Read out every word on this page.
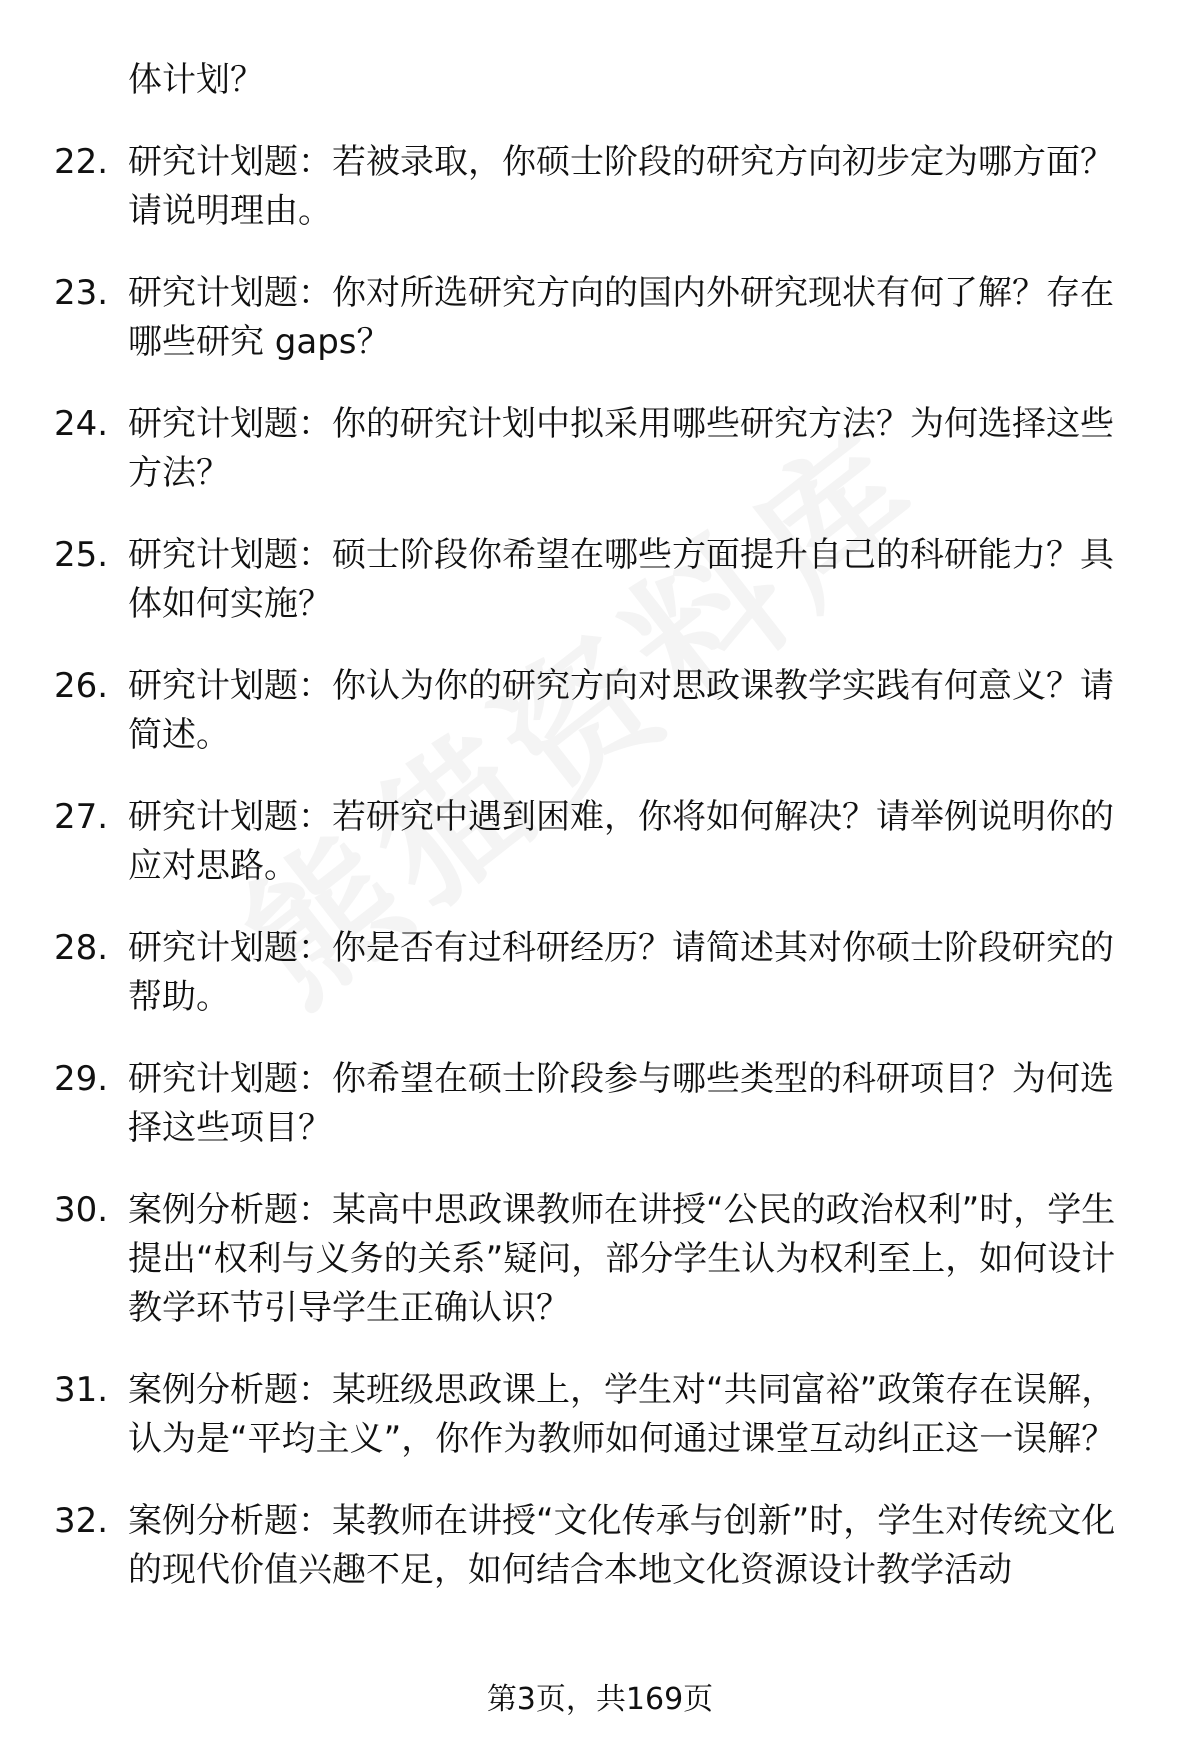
体计划？
22. 研究计划题：若被录取，你硕士阶段的研究方向初步定为哪方面？请说明理由。
23. 研究计划题：你对所选研究方向的国内外研究现状有何了解？存在哪些研究 gaps？
24. 研究计划题：你的研究计划中拟采用哪些研究方法？为何选择这些方法？
25. 研究计划题：硕士阶段你希望在哪些方面提升自己的科研能力？具体如何实施？
26. 研究计划题：你认为你的研究方向对思政课教学实践有何意义？请简述。
27. 研究计划题：若研究中遇到困难，你将如何解决？请举例说明你的应对思路。
28. 研究计划题：你是否有过科研经历？请简述其对你硕士阶段研究的帮助。
29. 研究计划题：你希望在硕士阶段参与哪些类型的科研项目？为何选择这些项目？
30. 案例分析题：某高中思政课教师在讲授“公民的政治权利”时，学生提出“权利与义务的关系”疑问，部分学生认为权利至上，如何设计教学环节引导学生正确认识？
31. 案例分析题：某班级思政课上，学生对“共同富裕”政策存在误解，认为是“平均主义”，你作为教师如何通过课堂互动纠正这一误解？
32. 案例分析题：某教师在讲授“文化传承与创新”时，学生对传统文化的现代价值兴趣不足，如何结合本地文化资源设计教学活动
第3页，共169页
